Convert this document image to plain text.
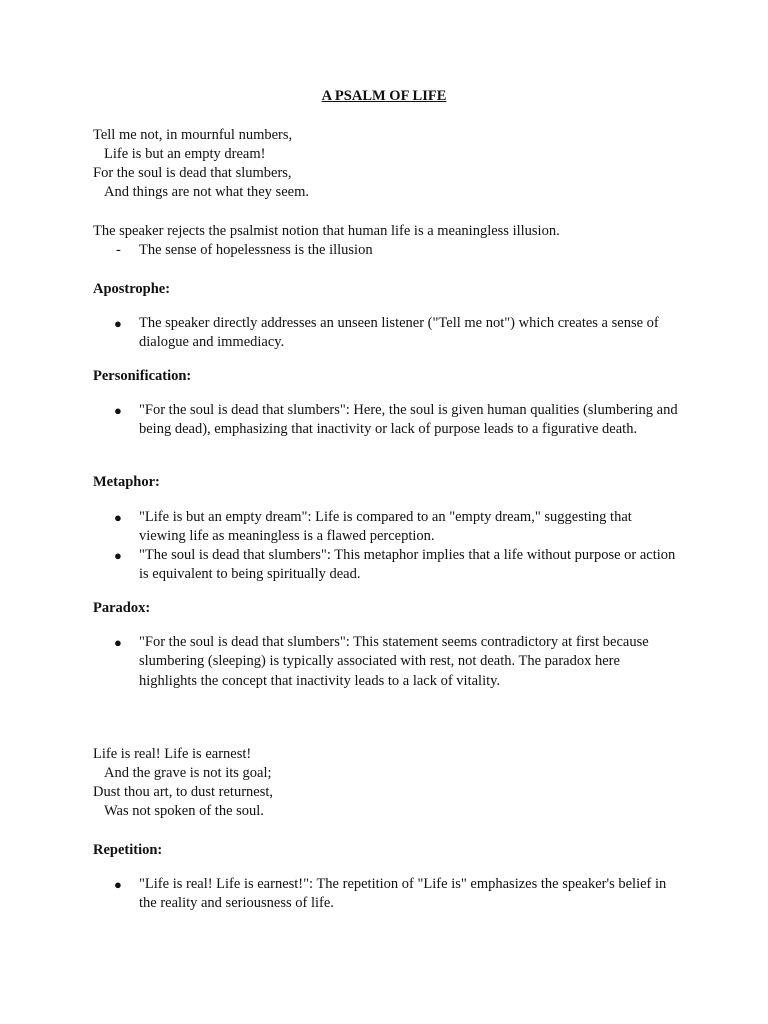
A PSALM OF LIFE
Tell me not, in mournful numbers,
Life is but an empty dream!
For the soul is dead that slumbers,
And things are not what they seem.
The speaker rejects the psalmist notion that human life is a meaningless illusion.
- The sense of hopelessness is the illusion
Apostrophe:
● The speaker directly addresses an unseen listener ("Tell me not") which creates a sense of dialogue and immediacy.
Personification:
● "For the soul is dead that slumbers": Here, the soul is given human qualities (slumbering and being dead), emphasizing that inactivity or lack of purpose leads to a figurative death.
Metaphor:
● "Life is but an empty dream": Life is compared to an "empty dream," suggesting that viewing life as meaningless is a flawed perception.
● "The soul is dead that slumbers": This metaphor implies that a life without purpose or action is equivalent to being spiritually dead.
Paradox:
● "For the soul is dead that slumbers": This statement seems contradictory at first because slumbering (sleeping) is typically associated with rest, not death. The paradox here highlights the concept that inactivity leads to a lack of vitality.
Life is real! Life is earnest!
And the grave is not its goal;
Dust thou art, to dust returnest,
Was not spoken of the soul.
Repetition:
● "Life is real! Life is earnest!": The repetition of "Life is" emphasizes the speaker's belief in the reality and seriousness of life.
